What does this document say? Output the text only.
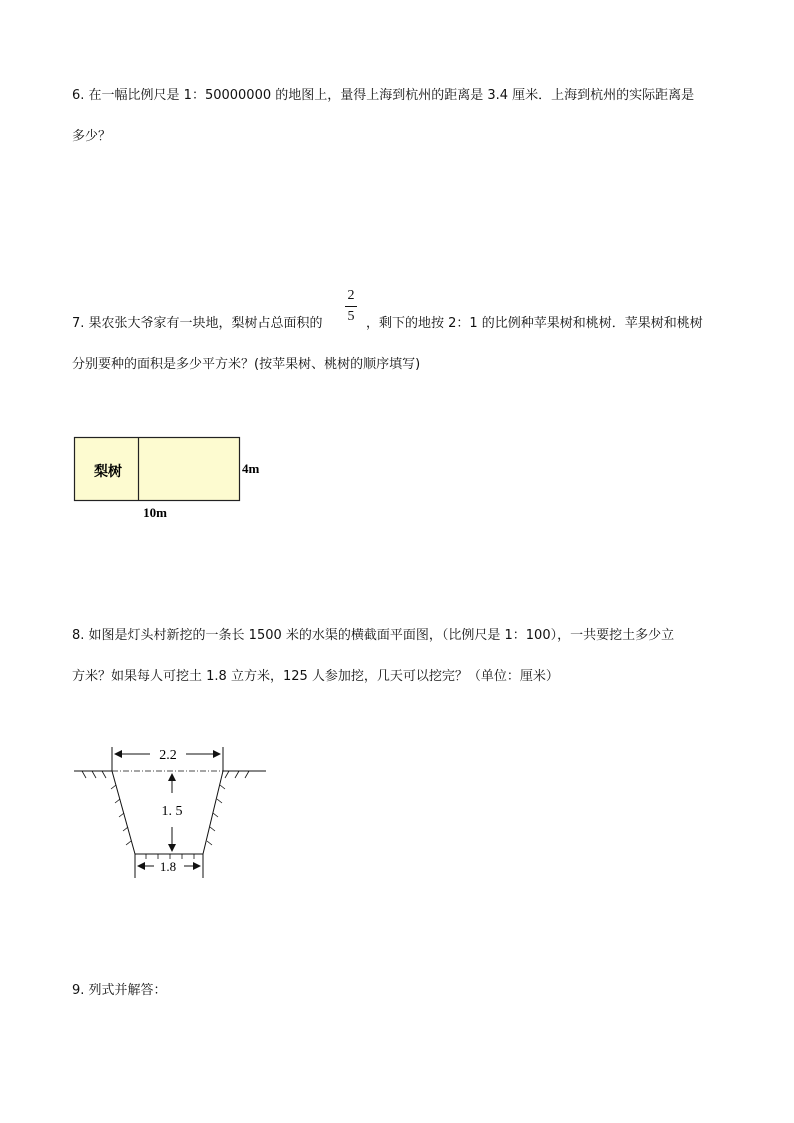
6. 在一幅比例尺是 1：50000000 的地图上，量得上海到杭州的距离是 3.4 厘米．上海到杭州的实际距离是
多少？
7. 果农张大爷家有一块地，梨树占总面积的
2
5 ，剩下的地按 2：1 的比例种苹果树和桃树．苹果树和桃树
分别要种的面积是多少平方米？(按苹果树、桃树的顺序填写)
梨树	4m
10m
8. 如图是灯头村新挖的一条长 1500 米的水渠的横截面平面图，（比例尺是 1：100），一共要挖土多少立
方米？如果每人可挖土 1.8 立方米，125 人参加挖，几天可以挖完？（单位：厘米）
2.2
1. 5
1.8
9. 列式并解答：
